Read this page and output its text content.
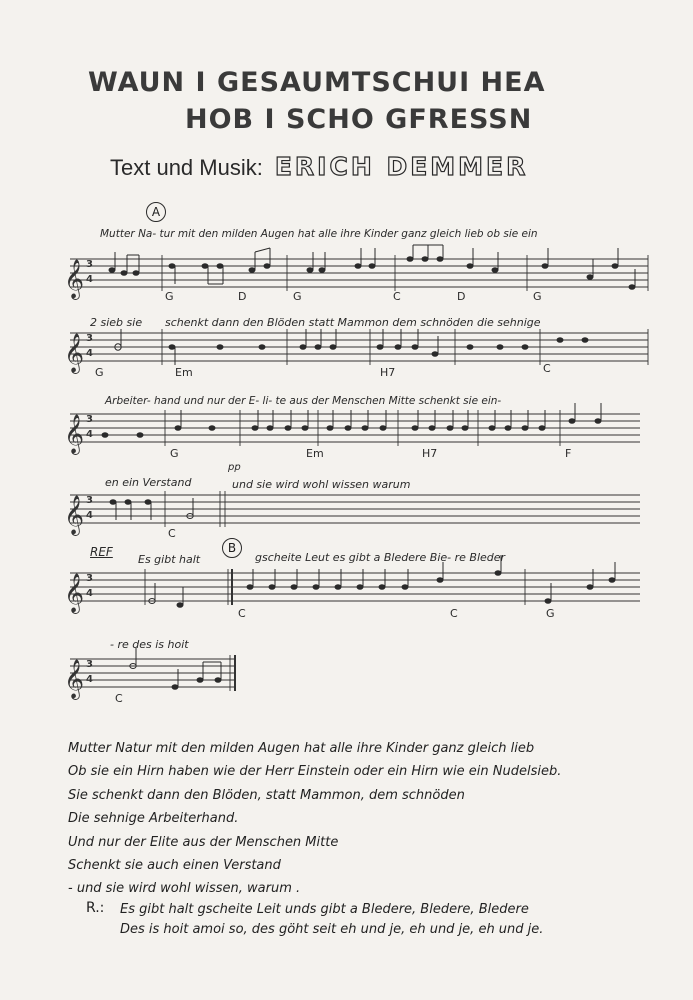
WAUN I GESAUMTSCHUI HEA
HOB I SCHO GFRESSN
Text und Musik: ERICH DEMMER
𝄞
𝄞
𝄞
𝄞
𝄞
𝄞
3
4
3
4
3
4
3
4
3
4
3
4
A
B
REF
Mutter Na- tur mit den milden Augen hat alle ihre Kinder ganz gleich lieb ob sie ein
2 sieb sie schenkt dann den Blöden statt Mammon dem schnöden die sehnige
Arbeiter- hand und nur der E- li- te aus der Menschen Mitte schenkt sie ein-
en ein Verstand
pp
und sie wird wohl wissen warum
Es gibt halt	gscheite Leut es gibt a Bledere Bie- re Bleder
- re des is hoit
G	D	G	C	D	G
G	Em	H7	C
G	Em	H7	F
C
C	C	G
C
Mutter Natur mit den milden Augen hat alle ihre Kinder ganz gleich lieb
Ob sie ein Hirn haben wie der Herr Einstein oder ein Hirn wie ein Nudelsieb.
Sie schenkt dann den Blöden, statt Mammon, dem schnöden
Die sehnige Arbeiterhand.
Und nur der Elite aus der Menschen Mitte
Schenkt sie auch einen Verstand
- und sie wird wohl wissen, warum .
R.: Es gibt halt gscheite Leit unds gibt a Bledere, Bledere, Bledere
Des is hoit amoi so, des göht seit eh und je, eh und je, eh und je.
